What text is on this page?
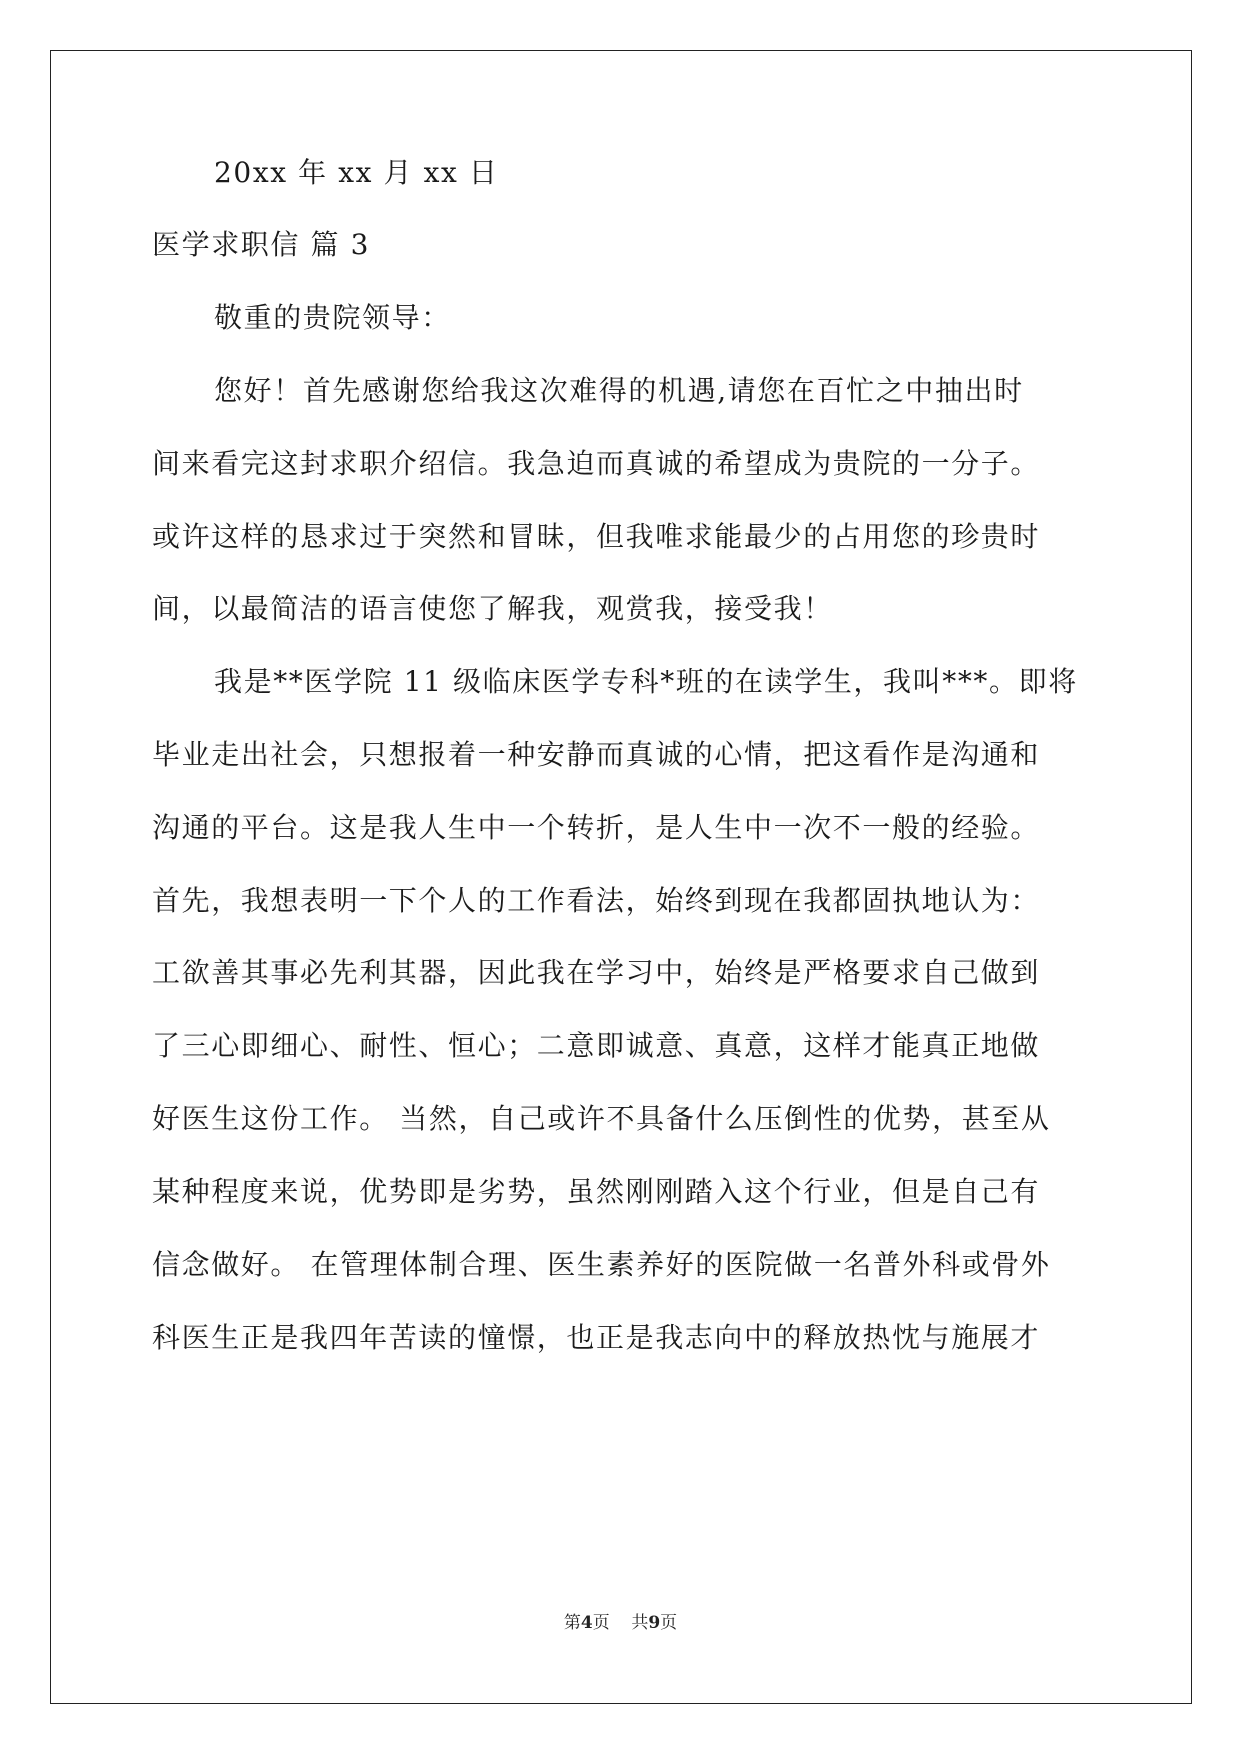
20xx 年 xx 月 xx 日
医学求职信 篇 3
敬重的贵院领导：
您好！首先感谢您给我这次难得的机遇,请您在百忙之中抽出时
间来看完这封求职介绍信。我急迫而真诚的希望成为贵院的一分子。
或许这样的恳求过于突然和冒昧，但我唯求能最少的占用您的珍贵时
间，以最简洁的语言使您了解我，观赏我，接受我！
我是**医学院 11 级临床医学专科*班的在读学生，我叫***。即将
毕业走出社会，只想报着一种安静而真诚的心情，把这看作是沟通和
沟通的平台。这是我人生中一个转折，是人生中一次不一般的经验。
首先，我想表明一下个人的工作看法，始终到现在我都固执地认为：
工欲善其事必先利其器，因此我在学习中，始终是严格要求自己做到
了三心即细心、耐性、恒心；二意即诚意、真意，这样才能真正地做
好医生这份工作。 当然，自己或许不具备什么压倒性的优势，甚至从
某种程度来说，优势即是劣势，虽然刚刚踏入这个行业，但是自己有
信念做好。 在管理体制合理、医生素养好的医院做一名普外科或骨外
科医生正是我四年苦读的憧憬，也正是我志向中的释放热忱与施展才
第4页 共9页
